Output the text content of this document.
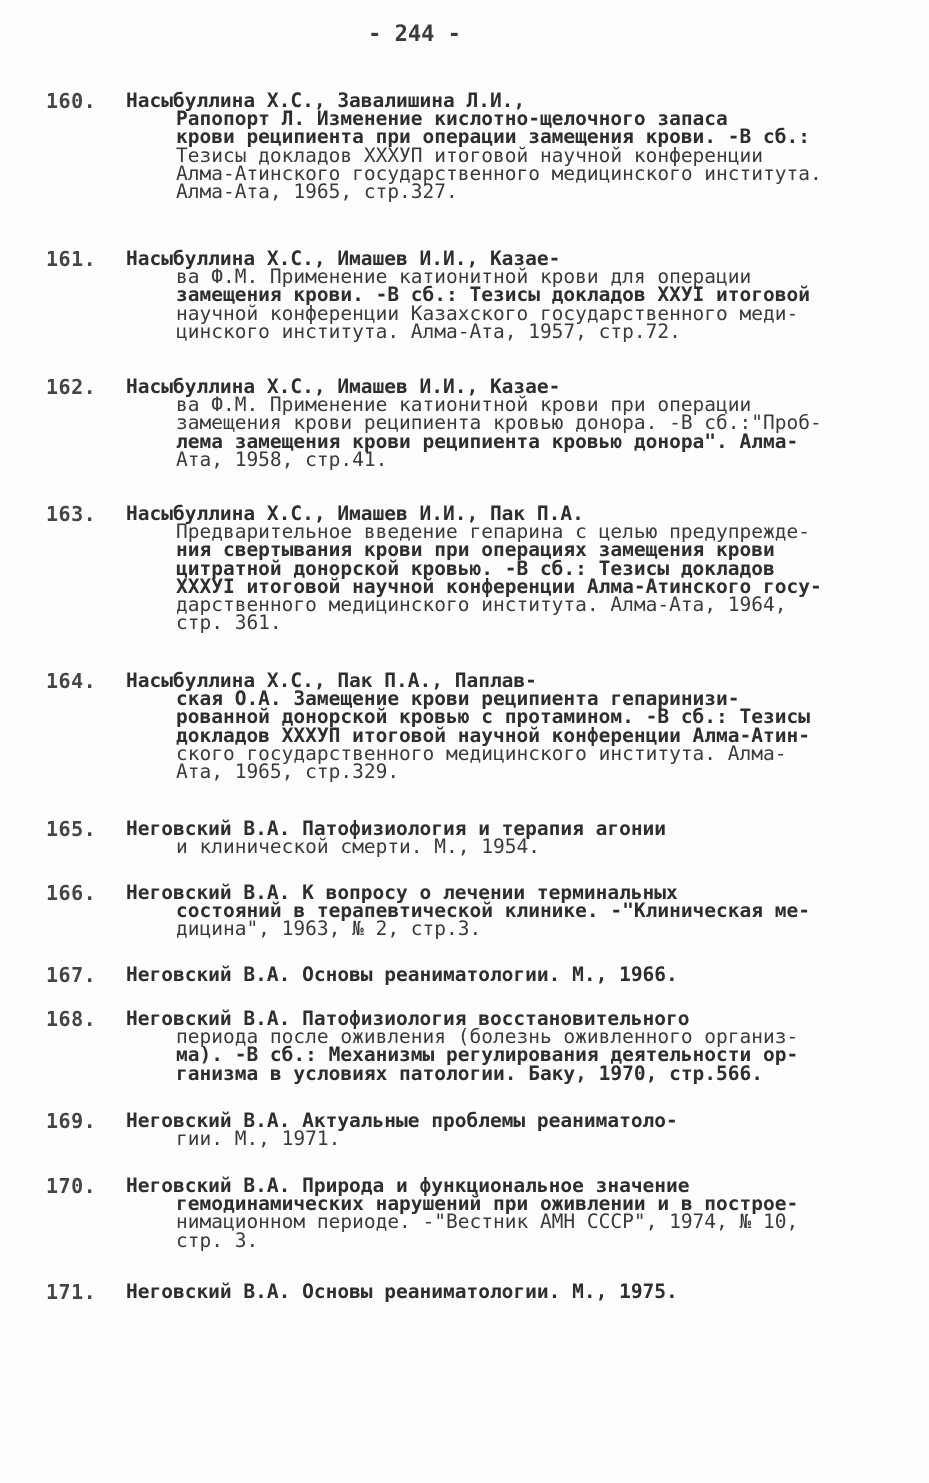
- 244 -
160.	Насыбуллина Х.С., Завалишина Л.И.,
Рапопорт Л. Изменение кислотно-щелочного запаса
крови реципиента при операции замещения крови. -В сб.:
Тезисы докладов XXXУП итоговой научной конференции
Алма-Атинского государственного медицинского института.
Алма-Ата, 1965, стр.327.
161.	Насыбуллина Х.С., Имашев И.И., Казае-
ва Ф.М. Применение катионитной крови для операции
замещения крови. -В сб.: Тезисы докладов XXУI итоговой
научной конференции Казахского государственного меди-
цинского института. Алма-Ата, 1957, стр.72.
162.	Насыбуллина Х.С., Имашев И.И., Казае-
ва Ф.М. Применение катионитной крови при операции
замещения крови реципиента кровью донора. -В сб.:"Проб-
лема замещения крови реципиента кровью донора". Алма-
Ата, 1958, стр.41.
163.	Насыбуллина Х.С., Имашев И.И., Пак П.А.
Предварительное введение гепарина с целью предупрежде-
ния свертывания крови при операциях замещения крови
цитратной донорской кровью. -В сб.: Тезисы докладов
XXXУI итоговой научной конференции Алма-Атинского госу-
дарственного медицинского института. Алма-Ата, 1964,
стр. 361.
164.	Насыбуллина Х.С., Пак П.А., Паплав-
ская О.А. Замещение крови реципиента гепаринизи-
рованной донорской кровью с протамином. -В сб.: Тезисы
докладов XXXУП итоговой научной конференции Алма-Атин-
ского государственного медицинского института. Алма-
Ата, 1965, стр.329.
165.	Неговский В.А. Патофизиология и терапия агонии
и клинической смерти. М., 1954.
166.	Неговский В.А. К вопросу о лечении терминальных
состояний в терапевтической клинике. -"Клиническая ме-
дицина", 1963, № 2, стр.3.
167.	Неговский В.А. Основы реаниматологии. М., 1966.
168.	Неговский В.А. Патофизиология восстановительного
периода после оживления (болезнь оживленного организ-
ма). -В сб.: Механизмы регулирования деятельности ор-
ганизма в условиях патологии. Баку, 1970, стр.566.
169.	Неговский В.А. Актуальные проблемы реаниматоло-
гии. М., 1971.
170.	Неговский В.А. Природа и функциональное значение
гемодинамических нарушений при оживлении и в построе-
нимационном периоде. -"Вестник АМН СССР", 1974, № 10,
стр. 3.
171.	Неговский В.А. Основы реаниматологии. М., 1975.
